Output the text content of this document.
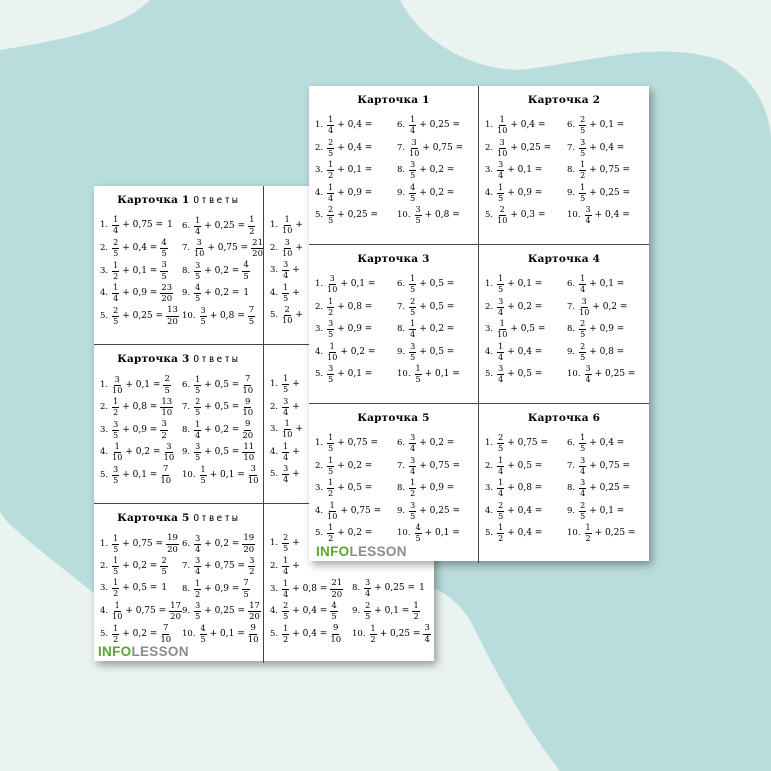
Карточка 1 Ответы
1. $\frac{1}{4} + 0,75 = 1$ 6. $\frac{1}{4} + 0,25 = \frac{1}{2}$
2. $\frac{2}{5} + 0,4 = \frac{4}{5} 7$. $\frac{3}{10} + 0,75 = \frac{21}{20}$
3. $\frac{1}{2} + 0,1 = \frac{3}{5} 8$. $\frac{3}{5} + 0,2 = \frac{4}{5}$
4. $\frac{1}{4} + 0,9 = \frac{23}{20} 9$. $\frac{4}{5} + 0,2 = 1$
5. $\frac{2}{5} + 0,25 = \frac{13}{20} 10$. $\frac{3}{5} + 0,8 = \frac{7}{5}$
1. $\frac{1}{10}$ +
2. $\frac{3}{10}$ +
3. $\frac{3}{4}$ +
4. $\frac{1}{5}$ +
5. $\frac{2}{10}$ +
Карточка 3 Ответы
1. $\frac{3}{10} + 0,1 = \frac{2}{5} 6$. $\frac{1}{5} + 0,5 = \frac{7}{10}$
2. $\frac{1}{2} + 0,8 = \frac{13}{10} 7$. $\frac{2}{5} + 0,5 = \frac{9}{10}$
3. $\frac{3}{5} + 0,9 = \frac{3}{2} 8$. $\frac{1}{4} + 0,2 = \frac{9}{20}$
4. $\frac{1}{10} + 0,2 = \frac{3}{10} 9$. $\frac{3}{5} + 0,5 = \frac{11}{10}$
5. $\frac{3}{5} + 0,1 = \frac{7}{10} 10$. $\frac{1}{5} + 0,1 = \frac{3}{10}$
1. $\frac{1}{5}$ +
2. $\frac{3}{4}$ +
3. $\frac{1}{10}$ +
4. $\frac{1}{4}$ +
5. $\frac{3}{4}$ +
Карточка 5 Ответы
1. $\frac{1}{5} + 0,75 = \frac{19}{20} 6$. $\frac{3}{4} + 0,2 = \frac{19}{20}$
2. $\frac{1}{5} + 0,2 = \frac{2}{5} 7$. $\frac{3}{4} + 0,75 = \frac{3}{2}$
3. $\frac{1}{2} + 0,5 = 1$ 8. $\frac{1}{2} + 0,9 = \frac{7}{5}$
4. $\frac{1}{10} + 0,75 = \frac{17}{20} 9$. $\frac{3}{5} + 0,25 = \frac{17}{20}$
5. $\frac{1}{2} + 0,2 = \frac{7}{10} 10$. $\frac{4}{5} + 0,1 = \frac{9}{10}$
1. $\frac{2}{5}$ +
2. $\frac{1}{4}$ +
3. $\frac{1}{4} + 0,8 = \frac{21}{20} 8$. $\frac{3}{4} + 0,25 = 1$
4. $\frac{2}{5} + 0,4 = \frac{4}{5} 9$. $\frac{2}{5} + 0,1 = \frac{1}{2}$
5. $\frac{1}{2} + 0,4 = \frac{9}{10} 10$. $\frac{1}{2} + 0,25 = \frac{3}{4}$
Карточка 1
1. $\frac{1}{4} + 0,4$ =	6. $\frac{1}{4} + 0,25$ =
2. $\frac{2}{5} + 0,4$ =	7. $\frac{3}{10} + 0,75$ =
3. $\frac{1}{2} + 0,1$ =	8. $\frac{3}{5} + 0,2$ =
4. $\frac{1}{4} + 0,9$ =	9. $\frac{4}{5} + 0,2$ =
5. $\frac{2}{5} + 0,25 = 10$. $\frac{3}{5} + 0,8$ =
Карточка 2
1. $\frac{1}{10} + 0,4$ =	6. $\frac{2}{5} + 0,1$ =
2. $\frac{3}{10} + 0,25 = 7$. $\frac{3}{5} + 0,4$ =
3. $\frac{3}{4} + 0,1$ =	8. $\frac{1}{2} + 0,75$ =
4. $\frac{1}{5} + 0,9$ =	9. $\frac{1}{5} + 0,25$ =
5. $\frac{2}{10} + 0,3$ =	10. $\frac{3}{4} + 0,4$ =
Карточка 3
1. $\frac{3}{10} + 0,1$ =	6. $\frac{1}{5} + 0,5$ =
2. $\frac{1}{2} + 0,8$ =	7. $\frac{2}{5} + 0,5$ =
3. $\frac{3}{5} + 0,9$ =	8. $\frac{1}{4} + 0,2$ =
4. $\frac{1}{10} + 0,2$ =	9. $\frac{3}{5} + 0,5$ =
5. $\frac{3}{5} + 0,1$ =	10. $\frac{1}{5} + 0,1$ =
Карточка 4
1. $\frac{1}{5} + 0,1$ =	6. $\frac{1}{4} + 0,1$ =
2. $\frac{3}{4} + 0,2$ =	7. $\frac{3}{10} + 0,2$ =
3. $\frac{1}{10} + 0,5$ =	8. $\frac{2}{5} + 0,9$ =
4. $\frac{1}{4} + 0,4$ =	9. $\frac{2}{5} + 0,8$ =
5. $\frac{3}{4} + 0,5$ =	10. $\frac{3}{4} + 0,25$ =
Карточка 5
1. $\frac{1}{5} + 0,75 = 6$. $\frac{3}{4} + 0,2$ =
2. $\frac{1}{5} + 0,2$ =	7. $\frac{3}{4} + 0,75$ =
3. $\frac{1}{2} + 0,5$ =	8. $\frac{1}{2} + 0,9$ =
4. $\frac{1}{10} + 0,75 = 9$. $\frac{3}{5} + 0,25$ =
5. $\frac{1}{2} + 0,2$ =	10. $\frac{4}{5} + 0,1$ =
Карточка 6
1. $\frac{2}{5} + 0,75 = 6$. $\frac{1}{5} + 0,4$ =
2. $\frac{1}{4} + 0,5$ =	7. $\frac{3}{4} + 0,75$ =
3. $\frac{1}{4} + 0,8$ =	8. $\frac{3}{4} + 0,25$ =
4. $\frac{2}{5} + 0,4$ =	9. $\frac{2}{5} + 0,1$ =
5. $\frac{1}{2} + 0,4$ =	10. $\frac{1}{2} + 0,25$ =
INFOLESSON
INFOLESSON
